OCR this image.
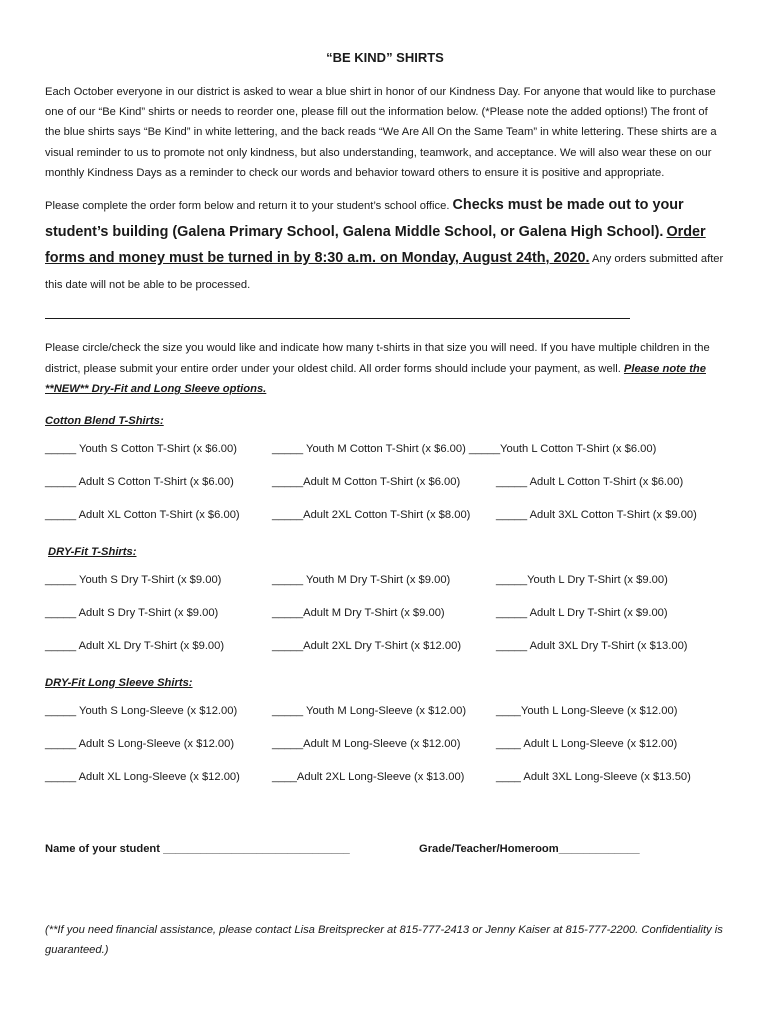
“BE KIND” SHIRTS

Each October everyone in our district is asked to wear a blue shirt in honor of our Kindness Day. For anyone that would like to purchase one of our “Be Kind” shirts or needs to reorder one, please fill out the information below. (*Please note the added options!) The front of the blue shirts says “Be Kind” in white lettering, and the back reads “We Are All On the Same Team” in white lettering. These shirts are a visual reminder to us to promote not only kindness, but also understanding, teamwork, and acceptance. We will also wear these on our monthly Kindness Days as a reminder to check our words and behavior toward others to ensure it is positive and appropriate.

Please complete the order form below and return it to your student’s school office. Checks must be made out to your student’s building (Galena Primary School, Galena Middle School, or Galena High School). Order forms and money must be turned in by 8:30 a.m. on Monday, August 24th, 2020. Any orders submitted after this date will not be able to be processed.

Please circle/check the size you would like and indicate how many t-shirts in that size you will need. If you have multiple children in the district, please submit your entire order under your oldest child. All order forms should include your payment, as well. Please note the **NEW** Dry-Fit and Long Sleeve options.

Cotton Blend T-Shirts:
_____ Youth S Cotton T-Shirt (x $6.00)	_____ Youth M Cotton T-Shirt (x $6.00) _____Youth L Cotton T-Shirt (x $6.00)
_____ Adult S Cotton T-Shirt (x $6.00)	_____Adult M Cotton T-Shirt (x $6.00)	_____ Adult L Cotton T-Shirt (x $6.00)
_____ Adult XL Cotton T-Shirt (x $6.00)	_____Adult 2XL Cotton T-Shirt (x $8.00) _____ Adult 3XL Cotton T-Shirt (x $9.00)
DRY-Fit T-Shirts:
_____ Youth S Dry T-Shirt (x $9.00)	_____ Youth M Dry T-Shirt (x $9.00)	_____Youth L Dry T-Shirt (x $9.00)
_____ Adult S Dry T-Shirt (x $9.00)	_____Adult M Dry T-Shirt (x $9.00)	_____ Adult L Dry T-Shirt (x $9.00)
_____ Adult XL Dry T-Shirt (x $9.00)	_____Adult 2XL Dry T-Shirt (x $12.00)	_____ Adult 3XL Dry T-Shirt (x $13.00)
DRY-Fit Long Sleeve Shirts:
_____ Youth S Long-Sleeve (x $12.00)	_____ Youth M Long-Sleeve (x $12.00)	____Youth L Long-Sleeve (x $12.00)
_____ Adult S Long-Sleeve (x $12.00)	_____Adult M Long-Sleeve (x $12.00)	____ Adult L Long-Sleeve (x $12.00)
_____ Adult XL Long-Sleeve (x $12.00)	____Adult 2XL Long-Sleeve (x $13.00)	____ Adult 3XL Long-Sleeve (x $13.50)
Name of your student ______________________________	Grade/Teacher/Homeroom_____________

(**If you need financial assistance, please contact Lisa Breitsprecker at 815-777-2413 or Jenny Kaiser at 815-777-2200. Confidentiality is guaranteed.)
